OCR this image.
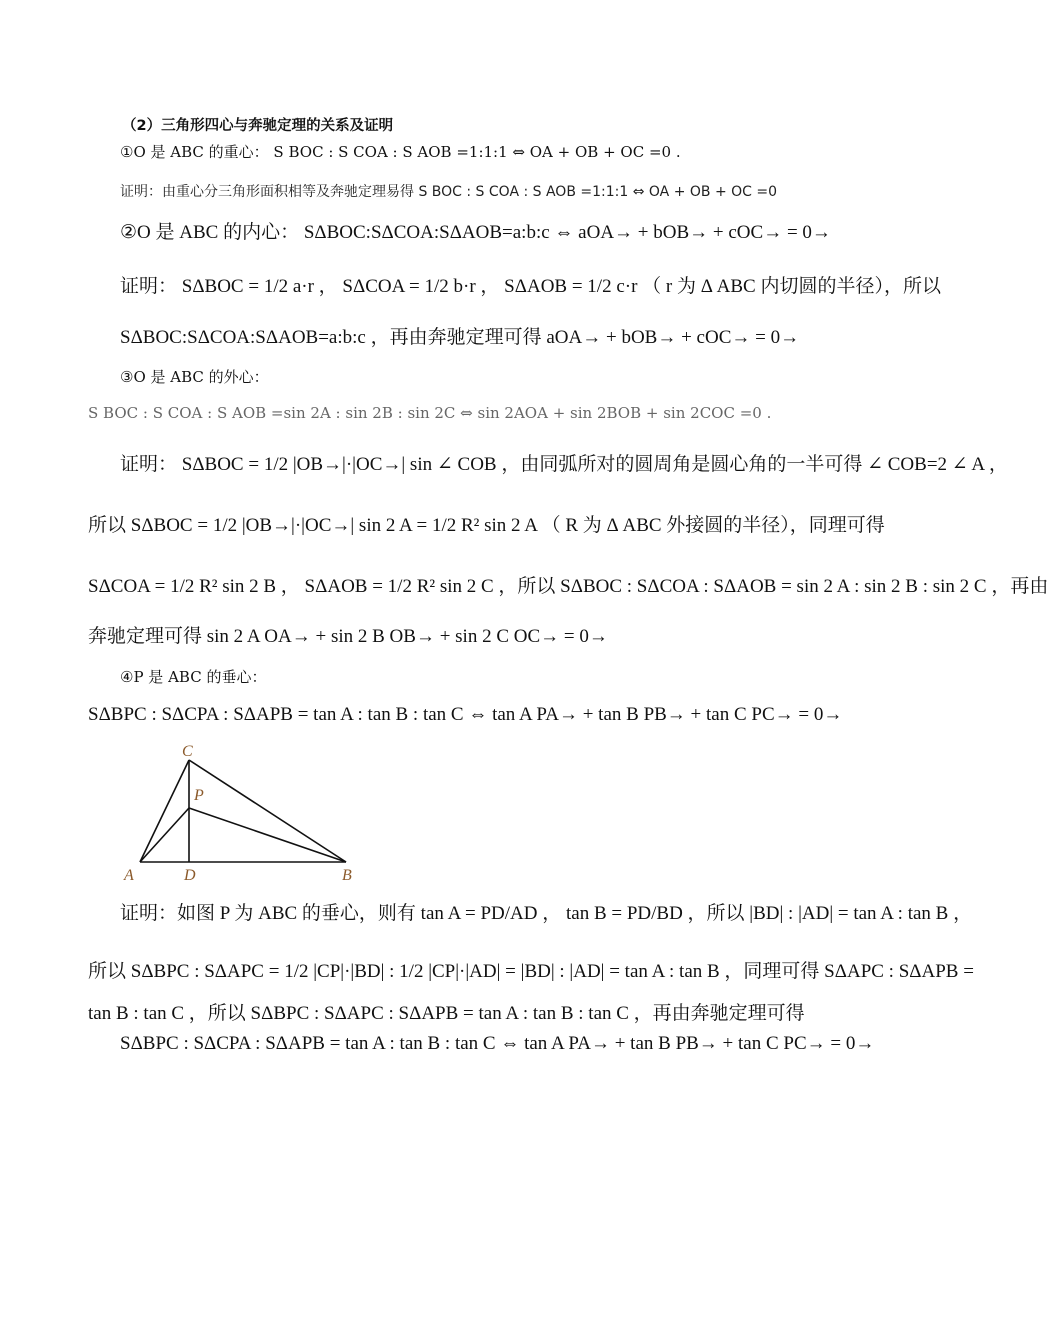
（2）三角形四心与奔驰定理的关系及证明
①O 是 ABC 的重心： S BOC : S COA : S AOB =1:1:1 ⇔ OA + OB + OC =0 .
证明：由重心分三角形面积相等及奔驰定理易得 S BOC : S COA : S AOB =1:1:1 ⇔ OA + OB + OC =0
②O 是 ABC 的内心： SΔBOC:SΔCOA:SΔAOB=a:b:c ⇔ aOA→ + bOB→ + cOC→ = 0→
证明： SΔBOC = 1/2 a·r ， SΔCOA = 1/2 b·r ， SΔAOB = 1/2 c·r （ r 为 Δ ABC 内切圆的半径），所以
SΔBOC:SΔCOA:SΔAOB=a:b:c ，再由奔驰定理可得 aOA→ + bOB→ + cOC→ = 0→
③O 是 ABC 的外心：
S BOC : S COA : S AOB =sin 2A : sin 2B : sin 2C ⇔ sin 2AOA + sin 2BOB + sin 2COC =0 .
证明： SΔBOC = 1/2 |OB→|·|OC→| sin ∠ COB ，由同弧所对的圆周角是圆心角的一半可得 ∠ COB=2 ∠ A ，
所以 SΔBOC = 1/2 |OB→|·|OC→| sin 2 A = 1/2 R² sin 2 A （ R 为 Δ ABC 外接圆的半径），同理可得
SΔCOA = 1/2 R² sin 2 B ， SΔAOB = 1/2 R² sin 2 C ，所以 SΔBOC : SΔCOA : SΔAOB = sin 2 A : sin 2 B : sin 2 C ，再由
奔驰定理可得 sin 2 A OA→ + sin 2 B OB→ + sin 2 C OC→ = 0→
④P 是 ABC 的垂心：
SΔBPC : SΔCPA : SΔAPB = tan A : tan B : tan C ⇔ tan A PA→ + tan B PB→ + tan C PC→ = 0→
C
P
A	D	B
证明：如图 P 为 ABC 的垂心，则有 tan A = PD/AD ， tan B = PD/BD ，所以 |BD| : |AD| = tan A : tan B ，
所以 SΔBPC : SΔAPC = 1/2 |CP|·|BD| : 1/2 |CP|·|AD| = |BD| : |AD| = tan A : tan B ，同理可得 SΔAPC : SΔAPB =
tan B : tan C ，所以 SΔBPC : SΔAPC : SΔAPB = tan A : tan B : tan C ，再由奔驰定理可得
SΔBPC : SΔCPA : SΔAPB = tan A : tan B : tan C ⇔ tan A PA→ + tan B PB→ + tan C PC→ = 0→
